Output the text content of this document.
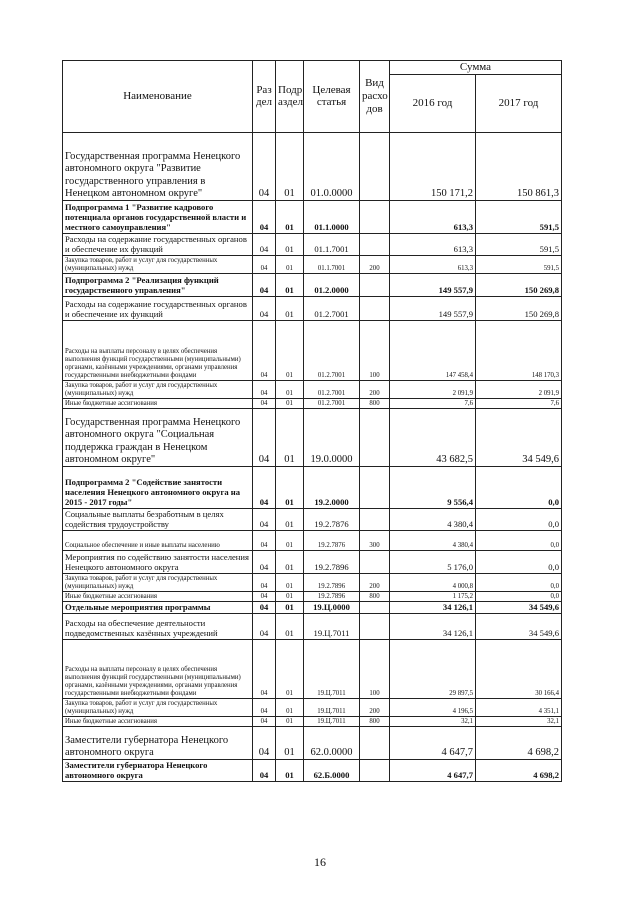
Наименование	Раз дел	Подр аздел	Целевая статья	Вид расхо дов	Сумма	
					2016 год	2017 год
Государственная программа Ненецкого автономного округа "Развитие государственного управления в Ненецком автономном округе"	04	01	01.0.0000		150 171,2	150 861,3
Подпрограмма 1 "Развитие кадрового потенциала органов государственной власти и местного самоуправления"	04	01	01.1.0000		613,3	591,5
Расходы на содержание государственных органов и обеспечение их функций	04	01	01.1.7001		613,3	591,5
Закупка товаров, работ и услуг для государственных (муниципальных) нужд	04	01	01.1.7001	200	613,3	591,5
Подпрограмма 2 "Реализация функций государственного управления"	04	01	01.2.0000		149 557,9	150 269,8
Расходы на содержание государственных органов и обеспечение их функций	04	01	01.2.7001		149 557,9	150 269,8
Расходы на выплаты персоналу в целях обеспечения выполнения функций государственными (муниципальными) органами, казёнными учреждениями, органами управления государственными внебюджетными фондами	04	01	01.2.7001	100	147 458,4	148 170,3
Закупка товаров, работ и услуг для государственных (муниципальных) нужд	04	01	01.2.7001	200	2 091,9	2 091,9
Иные бюджетные ассигнования	04	01	01.2.7001	800	7,6	7,6
Государственная программа Ненецкого автономного округа "Социальная поддержка граждан в Ненецком автономном округе"	04	01	19.0.0000		43 682,5	34 549,6
Подпрограмма 2 "Содействие занятости населения Ненецкого автономного округа на 2015 - 2017 годы"	04	01	19.2.0000		9 556,4	0,0
Социальные выплаты безработным в целях содействия трудоустройству	04	01	19.2.7876		4 380,4	0,0
Социальное обеспечение и иные выплаты населению	04	01	19.2.7876	300	4 380,4	0,0
Мероприятия по содействию занятости населения Ненецкого автономного округа	04	01	19.2.7896		5 176,0	0,0
Закупка товаров, работ и услуг для государственных (муниципальных) нужд	04	01	19.2.7896	200	4 000,8	0,0
Иные бюджетные ассигнования	04	01	19.2.7896	800	1 175,2	0,0
Отдельные мероприятия программы	04	01	19.Ц.0000		34 126,1	34 549,6
Расходы на обеспечение деятельности подведомственных казённых учреждений	04	01	19.Ц.7011		34 126,1	34 549,6
Расходы на выплаты персоналу в целях обеспечения выполнения функций государственными (муниципальными) органами, казёнными учреждениями, органами управления государственными внебюджетными фондами	04	01	19.Ц.7011	100	29 897,5	30 166,4
Закупка товаров, работ и услуг для государственных (муниципальных) нужд	04	01	19.Ц.7011	200	4 196,5	4 351,1
Иные бюджетные ассигнования	04	01	19.Ц.7011	800	32,1	32,1
Заместители губернатора Ненецкого автономного округа	04	01	62.0.0000		4 647,7	4 698,2
Заместители губернатора Ненецкого автономного округа	04	01	62.Б.0000		4 647,7	4 698,2
16
